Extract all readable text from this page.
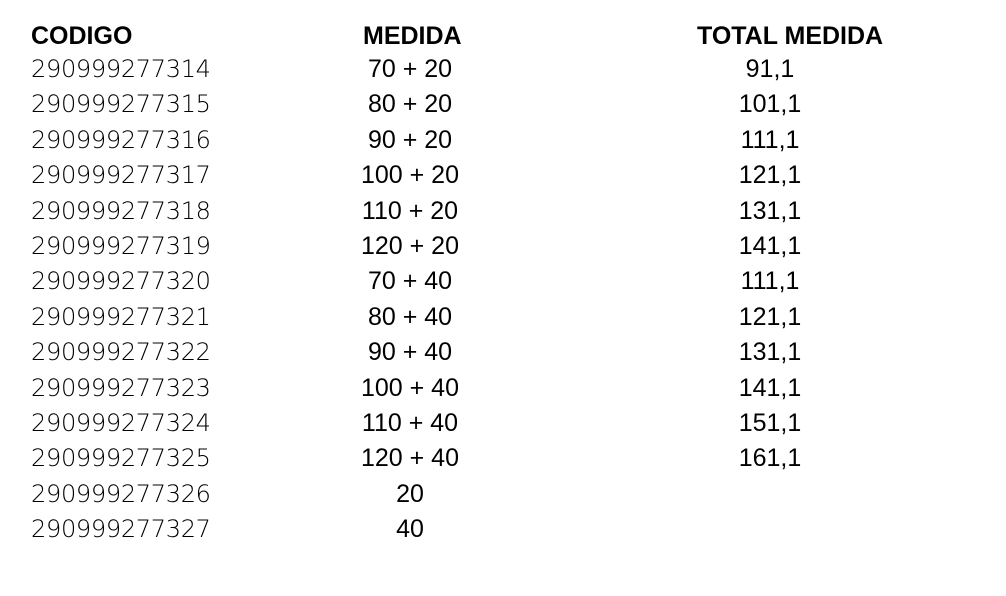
CODIGO	MEDIDA	TOTAL MEDIDA
290999277314	70 + 20	91,1
290999277315	80 + 20	101,1
290999277316	90 + 20	111,1
290999277317	100 + 20	121,1
290999277318	110 + 20	131,1
290999277319	120 + 20	141,1
290999277320	70 + 40	111,1
290999277321	80 + 40	121,1
290999277322	90 + 40	131,1
290999277323	100 + 40	141,1
290999277324	110 + 40	151,1
290999277325	120 + 40	161,1
290999277326	20
290999277327	40
